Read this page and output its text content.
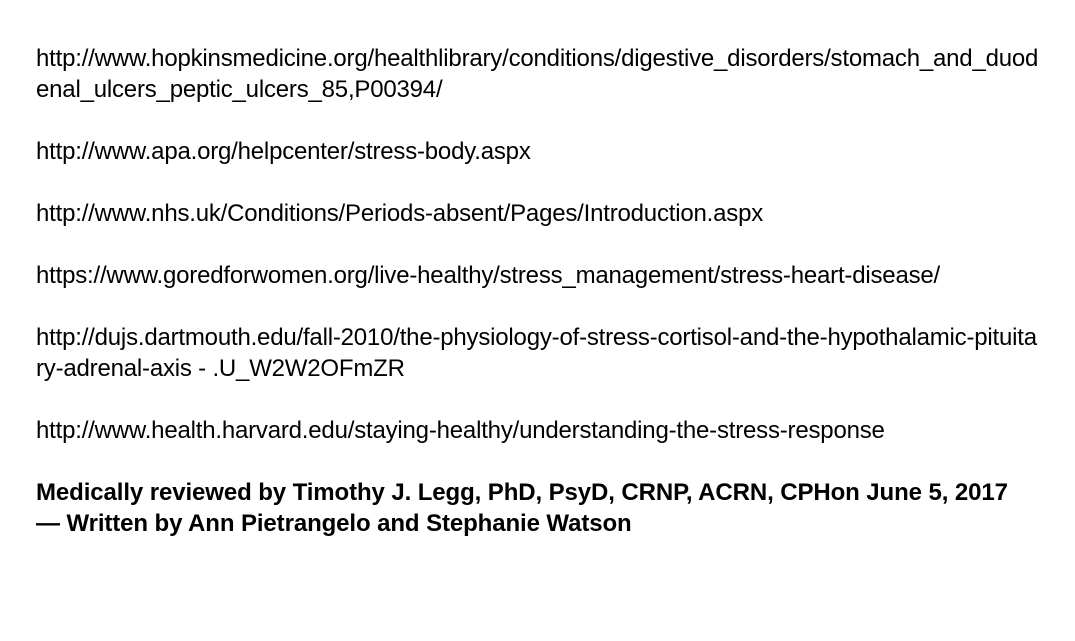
http://www.hopkinsmedicine.org/healthlibrary/conditions/digestive_disorders/stomach_and_duodenal_ulcers_peptic_ulcers_85,P00394/
http://www.apa.org/helpcenter/stress-body.aspx
http://www.nhs.uk/Conditions/Periods-absent/Pages/Introduction.aspx
https://www.goredforwomen.org/live-healthy/stress_management/stress-heart-disease/
http://dujs.dartmouth.edu/fall-2010/the-physiology-of-stress-cortisol-and-the-hypothalamic-pituitary-adrenal-axis - .U_W2W2OFmZR
http://www.health.harvard.edu/staying-healthy/understanding-the-stress-response

Medically reviewed by Timothy J. Legg, PhD, PsyD, CRNP, ACRN, CPHon June 5, 2017

— Written by Ann Pietrangelo and Stephanie Watson
